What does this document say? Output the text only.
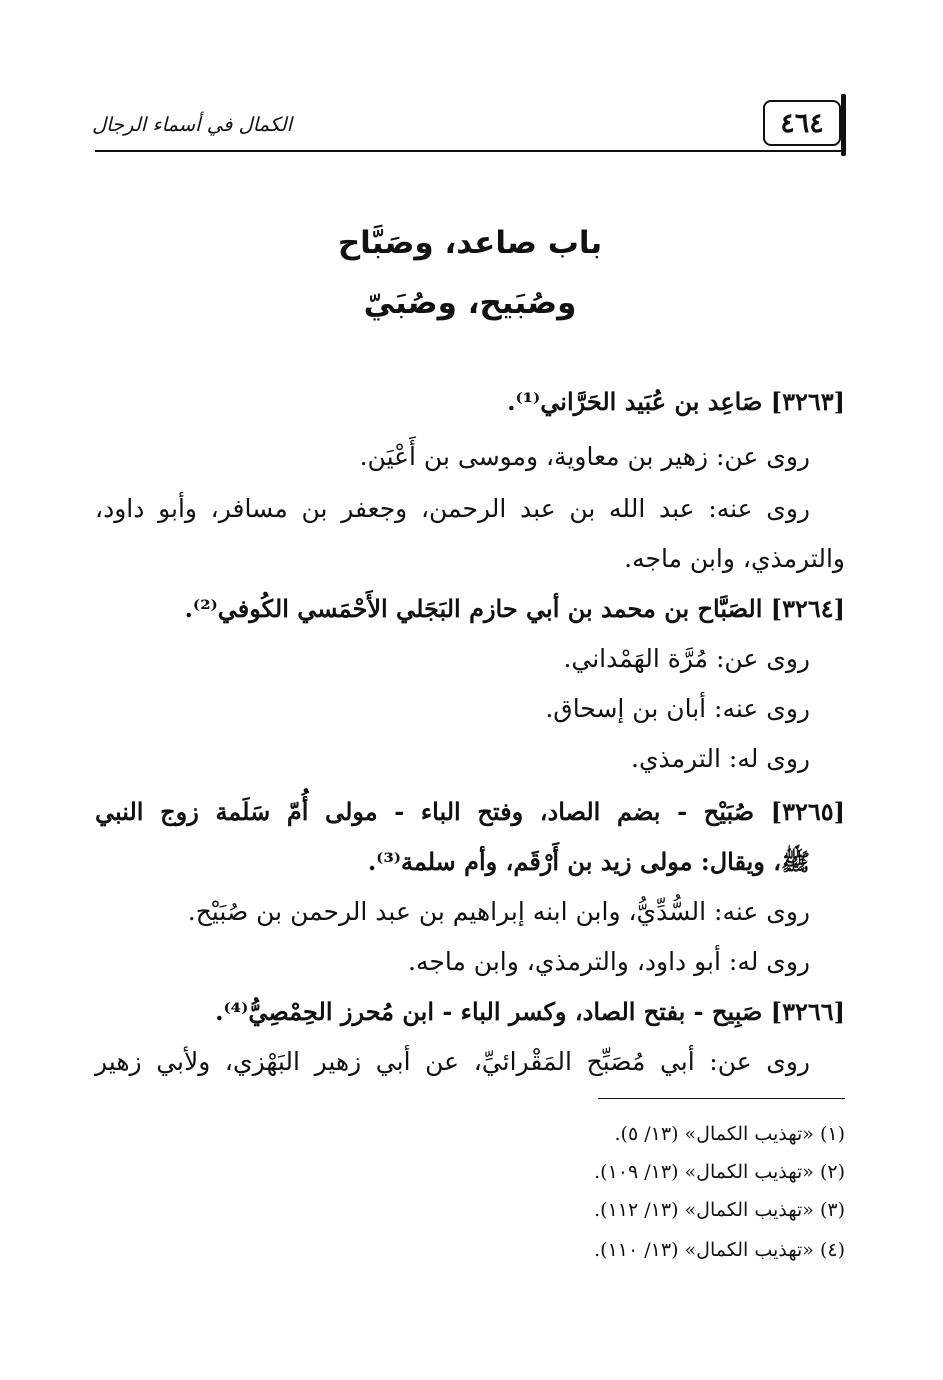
٤٦٤
الكمال في أسماء الرجال
باب صاعد، وصَبَّاح
وصُبَيح، وصُبَيّ
[٣٢٦٣] صَاعِد بن عُبَيد الحَرَّاني⁽¹⁾.
روى عن: زهير بن معاوية، وموسى بن أَعْيَن.
روى عنه: عبد الله بن عبد الرحمن، وجعفر بن مسافر، وأبو داود،
والترمذي، وابن ماجه.
[٣٢٦٤] الصَبَّاح بن محمد بن أبي حازم البَجَلي الأَحْمَسي الكُوفي⁽²⁾.
روى عن: مُرَّة الهَمْداني.
روى عنه: أبان بن إسحاق.
روى له: الترمذي.
[٣٢٦٥] صُبَيْح - بضم الصاد، وفتح الباء - مولى أُمّ سَلَمة زوج النبي
ﷺ، ويقال: مولى زيد بن أَرْقَم، وأم سلمة⁽³⁾.
روى عنه: السُّدِّيُّ، وابن ابنه إبراهيم بن عبد الرحمن بن صُبَيْح.
روى له: أبو داود، والترمذي، وابن ماجه.
[٣٢٦٦] صَبِيح - بفتح الصاد، وكسر الباء - ابن مُحرز الحِمْصِيُّ⁽⁴⁾.
روى عن: أبي مُصَبِّح المَقْرائيِّ، عن أبي زهير البَهْزي، ولأبي زهير
(١) «تهذيب الكمال» (١٣/ ٥).
(٢) «تهذيب الكمال» (١٣/ ١٠٩).
(٣) «تهذيب الكمال» (١٣/ ١١٢).
(٤) «تهذيب الكمال» (١٣/ ١١٠).
